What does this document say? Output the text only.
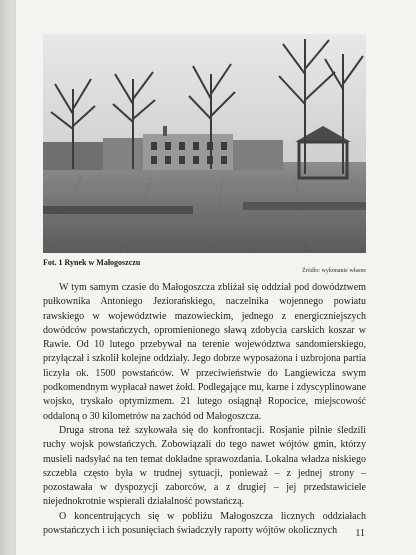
Fot. 1 Rynek w Małogoszczu

Źródło: wykonanie własne

W tym samym czasie do Małogoszcza zbliżał się oddział pod dowództwem pułkownika Antoniego Jeziorańskiego, naczelnika wojennego powiatu rawskiego w województwie mazowieckim, jednego z energiczniejszych dowódców powstańczych, opromienionego sławą zdobycia carskich koszar w Rawie. Od 10 lutego przebywał na terenie województwa sandomierskiego, przyłączał i szkolił kolejne oddziały. Jego dobrze wyposażona i uzbrojona partia liczyła ok. 1500 powstańców. W przeciwieństwie do Langiewicza swym podkomendnym wypłacał nawet żołd. Podlegające mu, karne i zdyscyplinowane wojsko, tryskało optymizmem. 21 lutego osiągnął Ropocice, miejscowość oddaloną o 30 kilometrów na zachód od Małogoszcza.

Druga strona też szykowała się do konfrontacji. Rosjanie pilnie śledzili ruchy wojsk powstańczych. Zobowiązali do tego nawet wójtów gmin, którzy musieli nadsyłać na ten temat dokładne sprawozdania. Lokalna władza niskiego szczebla często była w trudnej sytuacji, ponieważ – z jednej strony – pozostawała w dyspozycji zaborców, a z drugiej – jej przedstawiciele niejednokrotnie wspierali działalność powstańczą.

O koncentrujących się w pobliżu Małogoszcza licznych oddziałach powstańczych i ich posunięciach świadczyły raporty wójtów okolicznych	11
